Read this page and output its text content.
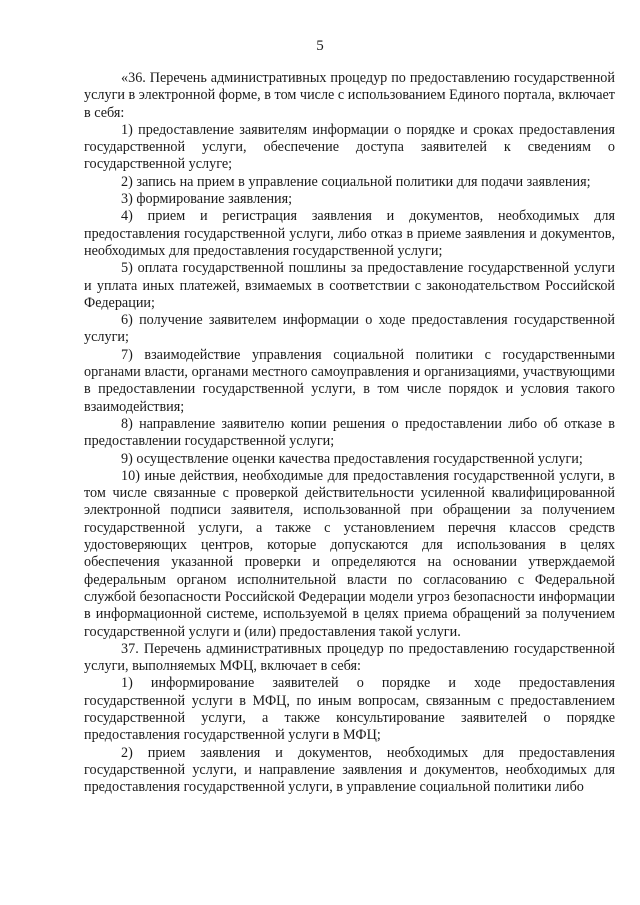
5

«36. Перечень административных процедур по предоставлению государственной услуги в электронной форме, в том числе с использованием Единого портала, включает в себя:

1) предоставление заявителям информации о порядке и сроках предоставления государственной услуги, обеспечение доступа заявителей к сведениям о государственной услуге;

2) запись на прием в управление социальной политики для подачи заявления;

3) формирование заявления;

4) прием и регистрация заявления и документов, необходимых для предоставления государственной услуги, либо отказ в приеме заявления и документов, необходимых для предоставления государственной услуги;

5) оплата государственной пошлины за предоставление государственной услуги и уплата иных платежей, взимаемых в соответствии с законодательством Российской Федерации;

6) получение заявителем информации о ходе предоставления государственной услуги;

7) взаимодействие управления социальной политики с государственными органами власти, органами местного самоуправления и организациями, участвующими в предоставлении государственной услуги, в том числе порядок и условия такого взаимодействия;

8) направление заявителю копии решения о предоставлении либо об отказе в предоставлении государственной услуги;

9) осуществление оценки качества предоставления государственной услуги;

10) иные действия, необходимые для предоставления государственной услуги, в том числе связанные с проверкой действительности усиленной квалифицированной электронной подписи заявителя, использованной при обращении за получением государственной услуги, а также с установлением перечня классов средств удостоверяющих центров, которые допускаются для использования в целях обеспечения указанной проверки и определяются на основании утверждаемой федеральным органом исполнительной власти по согласованию с Федеральной службой безопасности Российской Федерации модели угроз безопасности информации в информационной системе, используемой в целях приема обращений за получением государственной услуги и (или) предоставления такой услуги.

37. Перечень административных процедур по предоставлению государственной услуги, выполняемых МФЦ, включает в себя:

1) информирование заявителей о порядке и ходе предоставления государственной услуги в МФЦ, по иным вопросам, связанным с предоставлением государственной услуги, а также консультирование заявителей о порядке предоставления государственной услуги в МФЦ;

2) прием заявления и документов, необходимых для предоставления государственной услуги, и направление заявления и документов, необходимых для предоставления государственной услуги, в управление социальной политики либо
